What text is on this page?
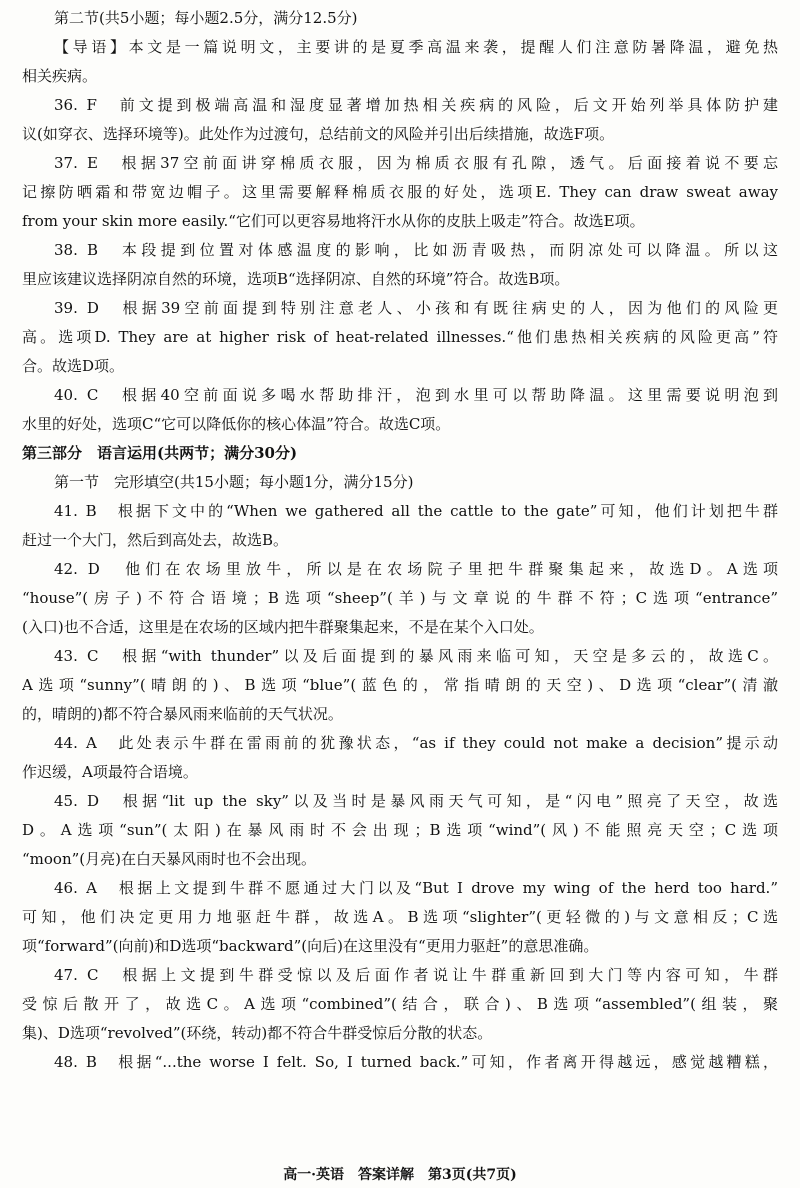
第二节(共5小题；每小题2.5分，满分12.5分)
【导语】本文是一篇说明文，主要讲的是夏季高温来袭，提醒人们注意防暑降温，避免热
相关疾病。
36. F　前文提到极端高温和湿度显著增加热相关疾病的风险，后文开始列举具体防护建
议(如穿衣、选择环境等)。此处作为过渡句，总结前文的风险并引出后续措施，故选F项。
37. E　根据37空前面讲穿棉质衣服，因为棉质衣服有孔隙，透气。后面接着说不要忘
记擦防晒霜和带宽边帽子。这里需要解释棉质衣服的好处，选项E. They can draw sweat away
from your skin more easily.“它们可以更容易地将汗水从你的皮肤上吸走”符合。故选E项。
38. B　本段提到位置对体感温度的影响，比如沥青吸热，而阴凉处可以降温。所以这
里应该建议选择阴凉自然的环境，选项B“选择阴凉、自然的环境”符合。故选B项。
39. D　根据39空前面提到特别注意老人、小孩和有既往病史的人，因为他们的风险更
高。选项D. They are at higher risk of heat-related illnesses.“他们患热相关疾病的风险更高”符
合。故选D项。
40. C　根据40空前面说多喝水帮助排汗，泡到水里可以帮助降温。这里需要说明泡到
水里的好处，选项C“它可以降低你的核心体温”符合。故选C项。
第三部分　语言运用(共两节；满分30分)
第一节　完形填空(共15小题；每小题1分，满分15分)
41. B　根据下文中的“When we gathered all the cattle to the gate”可知，他们计划把牛群
赶过一个大门，然后到高处去，故选B。
42. D　他们在农场里放牛，所以是在农场院子里把牛群聚集起来，故选D。A选项
“house”(房子)不符合语境；B选项“sheep”(羊)与文章说的牛群不符；C选项“entrance”
(入口)也不合适，这里是在农场的区域内把牛群聚集起来，不是在某个入口处。
43. C　根据“with thunder”以及后面提到的暴风雨来临可知，天空是多云的，故选C。
A选项“sunny”(晴朗的)、B选项“blue”(蓝色的，常指晴朗的天空)、D选项“clear”(清澈
的，晴朗的)都不符合暴风雨来临前的天气状况。
44. A　此处表示牛群在雷雨前的犹豫状态，“as if they could not make a decision”提示动
作迟缓，A项最符合语境。
45. D　根据“lit up the sky”以及当时是暴风雨天气可知，是“闪电”照亮了天空，故选
D。A选项“sun”(太阳)在暴风雨时不会出现；B选项“wind”(风)不能照亮天空；C选项
“moon”(月亮)在白天暴风雨时也不会出现。
46. A　根据上文提到牛群不愿通过大门以及“But I drove my wing of the herd too hard.”
可知，他们决定更用力地驱赶牛群，故选A。B选项“slighter”(更轻微的)与文意相反；C选
项“forward”(向前)和D选项“backward”(向后)在这里没有“更用力驱赶”的意思准确。
47. C　根据上文提到牛群受惊以及后面作者说让牛群重新回到大门等内容可知，牛群
受惊后散开了，故选C。A选项“combined”(结合，联合)、B选项“assembled”(组装，聚
集)、D选项“revolved”(环绕，转动)都不符合牛群受惊后分散的状态。
48. B　根据“...the worse I felt. So, I turned back.”可知，作者离开得越远，感觉越糟糕，
高一·英语　答案详解　第3页(共7页)
